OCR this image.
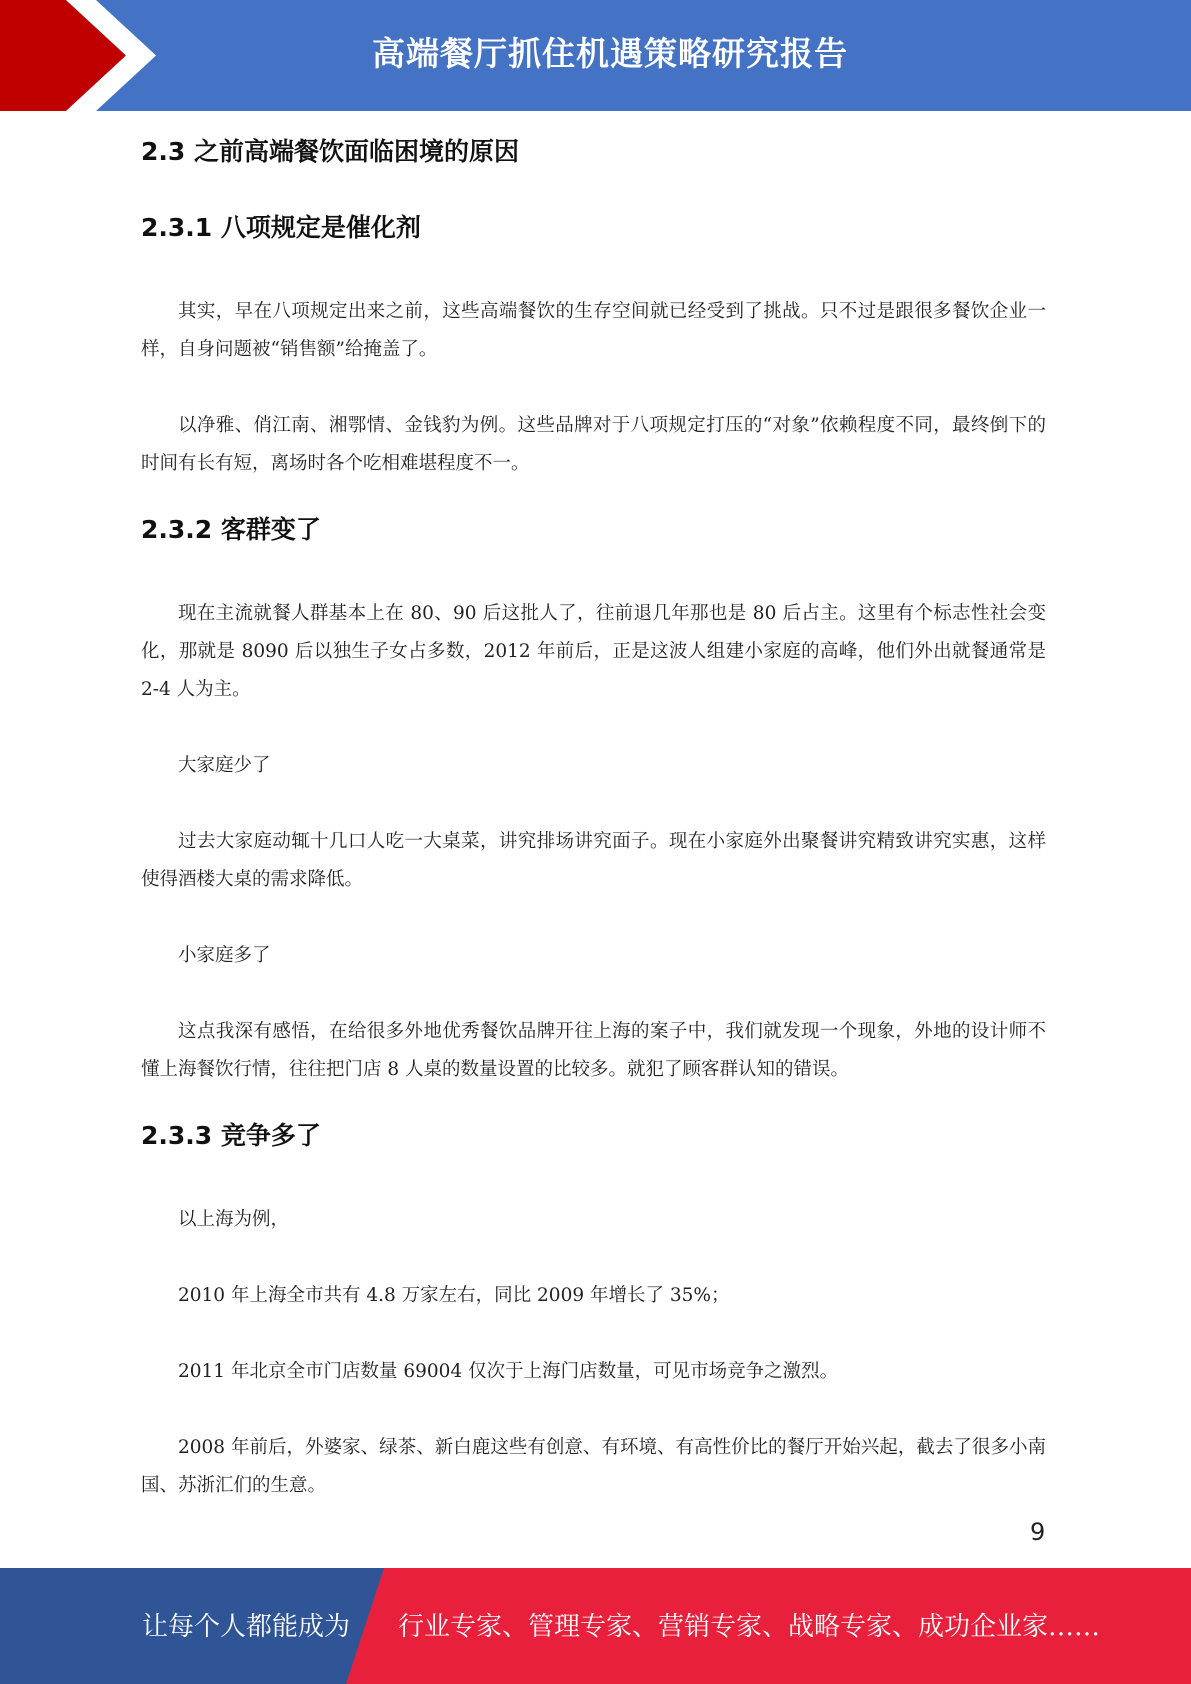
高端餐厅抓住机遇策略研究报告
2.3 之前高端餐饮面临困境的原因
2.3.1 八项规定是催化剂

其实，早在八项规定出来之前，这些高端餐饮的生存空间就已经受到了挑战。只不过是跟很多餐饮企业一样，自身问题被“销售额”给掩盖了。

以净雅、俏江南、湘鄂情、金钱豹为例。这些品牌对于八项规定打压的“对象”依赖程度不同，最终倒下的时间有长有短，离场时各个吃相难堪程度不一。

2.3.2 客群变了

现在主流就餐人群基本上在 80、90 后这批人了，往前退几年那也是 80 后占主。这里有个标志性社会变化，那就是 8090 后以独生子女占多数，2012 年前后，正是这波人组建小家庭的高峰，他们外出就餐通常是 2-4 人为主。

大家庭少了

过去大家庭动辄十几口人吃一大桌菜，讲究排场讲究面子。现在小家庭外出聚餐讲究精致讲究实惠，这样使得酒楼大桌的需求降低。

小家庭多了

这点我深有感悟，在给很多外地优秀餐饮品牌开往上海的案子中，我们就发现一个现象，外地的设计师不懂上海餐饮行情，往往把门店 8 人桌的数量设置的比较多。就犯了顾客群认知的错误。

2.3.3 竞争多了

以上海为例，

2010 年上海全市共有 4.8 万家左右，同比 2009 年增长了 35%；

2011 年北京全市门店数量 69004 仅次于上海门店数量，可见市场竞争之激烈。

2008 年前后，外婆家、绿茶、新白鹿这些有创意、有环境、有高性价比的餐厅开始兴起，截去了很多小南国、苏浙汇们的生意。

9
让每个人都能成为 行业专家、管理专家、营销专家、战略专家、成功企业家……
